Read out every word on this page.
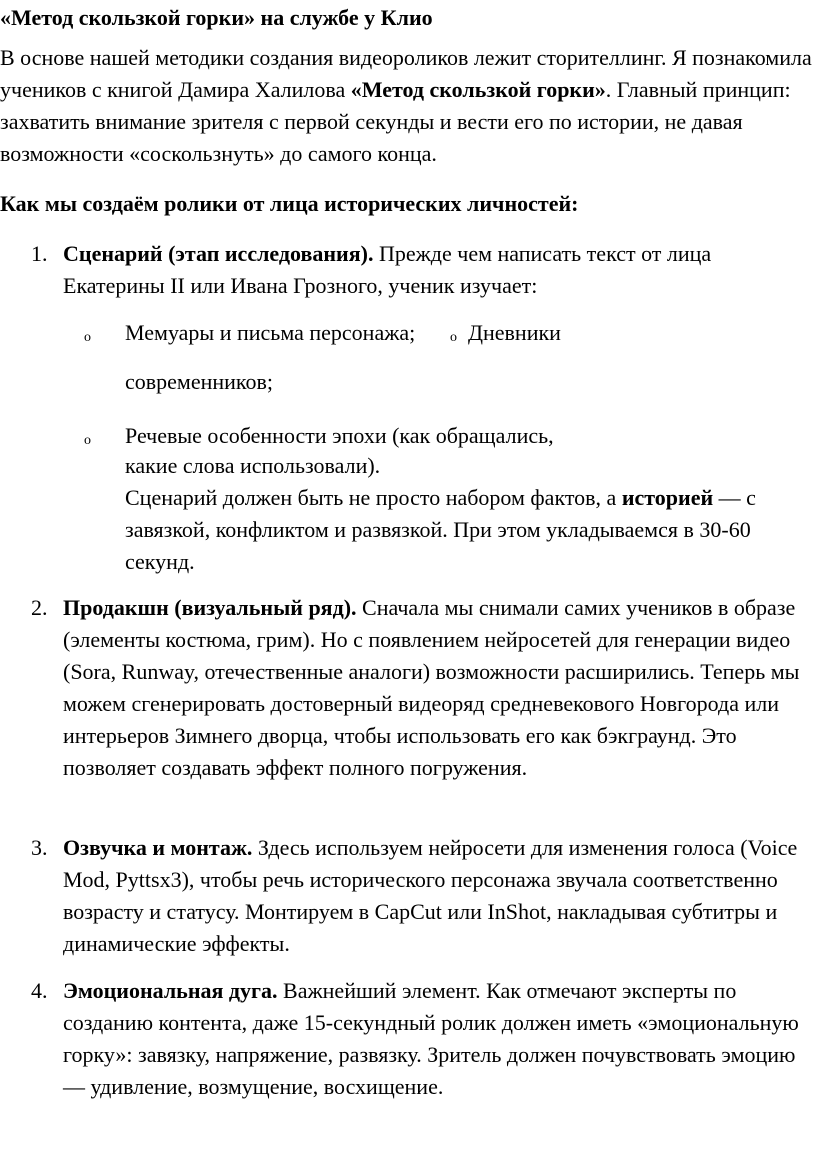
«Метод скользкой горки» на службе у Клио

В основе нашей методики создания видеороликов лежит сторителлинг. Я познакомила учеников с книгой Дамира Халилова «Метод скользкой горки». Главный принцип: захватить внимание зрителя с первой секунды и вести его по истории, не давая возможности «соскользнуть» до самого конца.

Как мы создаём ролики от лица исторических личностей:

1. Сценарий (этап исследования). Прежде чем написать текст от лица Екатерины II или Ивана Грозного, ученик изучает:

o Мемуары и письма персонажа; o Дневники
современников;
o Речевые особенности эпохи (как обращались,
какие слова использовали).

Сценарий должен быть не просто набором фактов, а историей — с завязкой, конфликтом и развязкой. При этом укладываемся в 30-60 секунд.

2. Продакшн (визуальный ряд). Сначала мы снимали самих учеников в образе (элементы костюма, грим). Но с появлением нейросетей для генерации видео (Sora, Runway, отечественные аналоги) возможности расширились. Теперь мы можем сгенерировать достоверный видеоряд средневекового Новгорода или интерьеров Зимнего дворца, чтобы использовать его как бэкграунд. Это позволяет создавать эффект полного погружения.

3. Озвучка и монтаж. Здесь используем нейросети для изменения голоса (Voice Mod, Pyttsx3), чтобы речь исторического персонажа звучала соответственно возрасту и статусу. Монтируем в CapCut или InShot, накладывая субтитры и динамические эффекты.

4. Эмоциональная дуга. Важнейший элемент. Как отмечают эксперты по созданию контента, даже 15-секундный ролик должен иметь «эмоциональную горку»: завязку, напряжение, развязку. Зритель должен почувствовать эмоцию — удивление, возмущение, восхищение.
